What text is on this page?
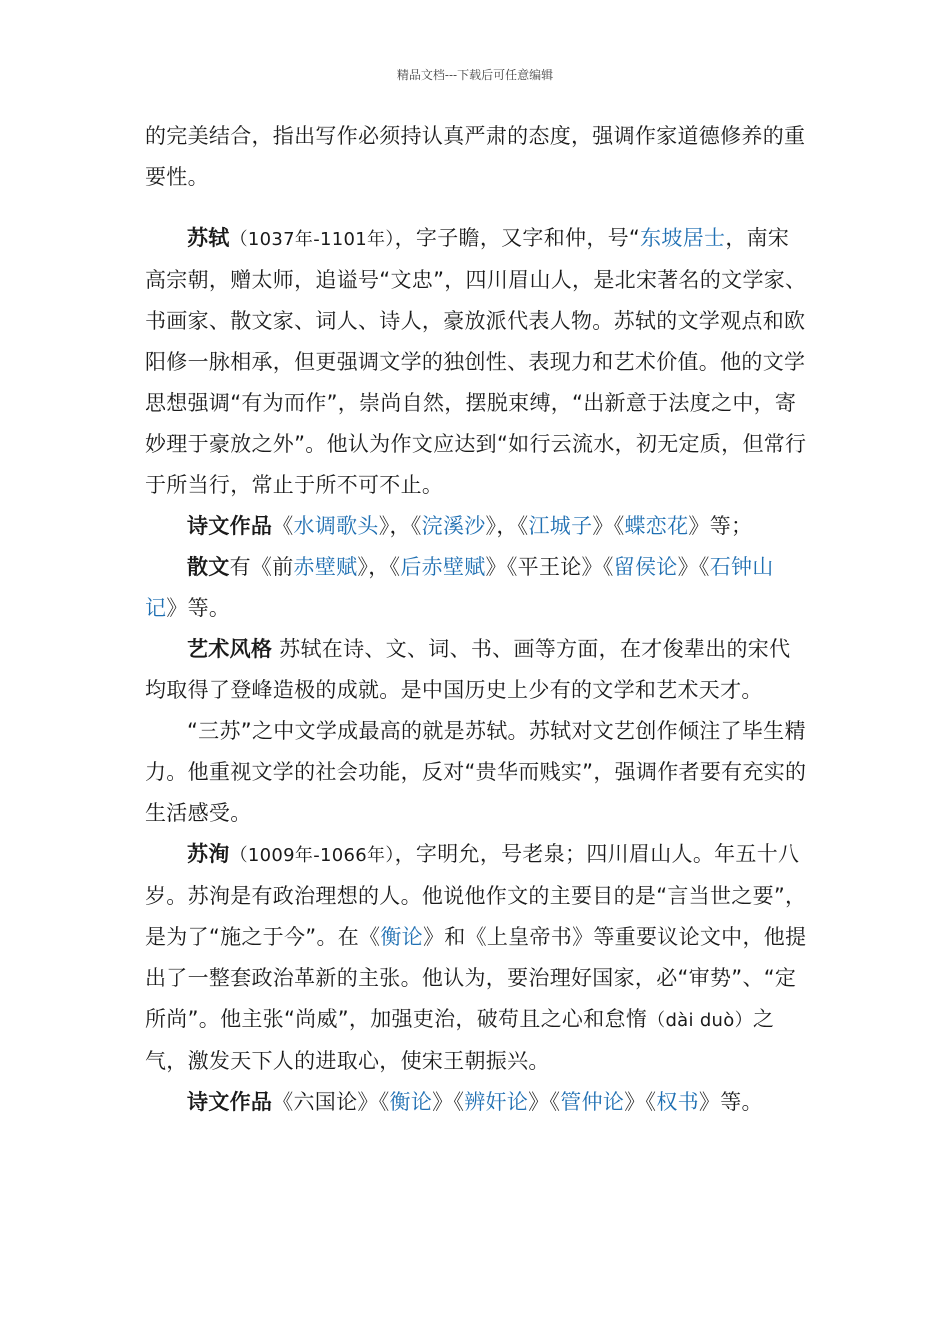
精品文档---下载后可任意编辑

的完美结合，指出写作必须持认真严肃的态度，强调作家道德修养的重要性。

苏轼（1037年-1101年），字子瞻，又字和仲，号“东坡居士，南宋高宗朝，赠太师，追谥号“文忠”，四川眉山人，是北宋著名的文学家、书画家、散文家、词人、诗人，豪放派代表人物。苏轼的文学观点和欧阳修一脉相承，但更强调文学的独创性、表现力和艺术价值。他的文学思想强调“有为而作”，崇尚自然，摆脱束缚，“出新意于法度之中，寄妙理于豪放之外”。他认为作文应达到“如行云流水，初无定质，但常行于所当行，常止于所不可不止。

诗文作品《水调歌头》，《浣溪沙》，《江城子》《蝶恋花》等；

散文有《前赤壁赋》，《后赤壁赋》《平王论》《留侯论》《石钟山记》等。

艺术风格 苏轼在诗、文、词、书、画等方面，在才俊辈出的宋代均取得了登峰造极的成就。是中国历史上少有的文学和艺术天才。

“三苏”之中文学成最高的就是苏轼。苏轼对文艺创作倾注了毕生精力。他重视文学的社会功能，反对“贵华而贱实”，强调作者要有充实的生活感受。

苏洵（1009年-1066年），字明允，号老泉；四川眉山人。年五十八岁。苏洵是有政治理想的人。他说他作文的主要目的是“言当世之要”，是为了“施之于今”。在《衡论》和《上皇帝书》等重要议论文中，他提出了一整套政治革新的主张。他认为，要治理好国家，必“审势”、“定所尚”。他主张“尚威”，加强吏治，破苟且之心和怠惰（dài duò）之气，激发天下人的进取心，使宋王朝振兴。

诗文作品《六国论》《衡论》《辨奸论》《管仲论》《权书》等。
